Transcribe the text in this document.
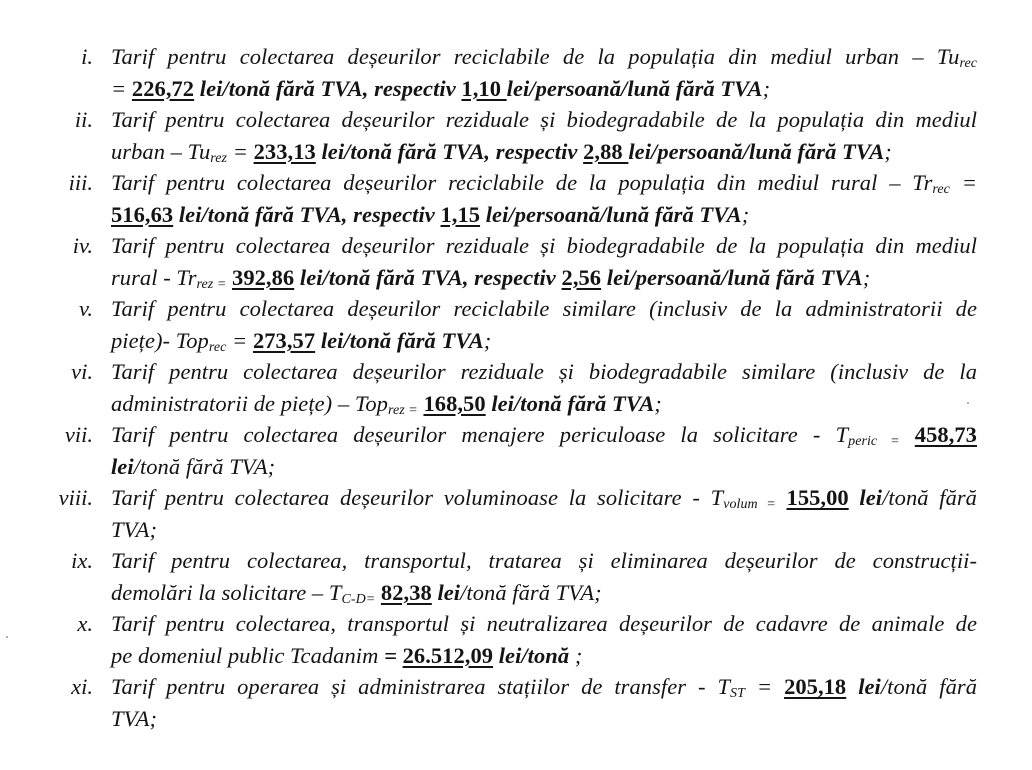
i. Tarif pentru colectarea deșeurilor reciclabile de la populația din mediul urban – $Tu_{rec}$
= 226,72 lei/tonă fără TVA, respectiv 1,10 lei/persoană/lună fără TVA;
ii. Tarif pentru colectarea deșeurilor reziduale și biodegradabile de la populația din mediul
urban – $Tu_{rez} = 233,13$ lei/tonă fără TVA, respectiv 2,88 lei/persoană/lună fără TVA;
iii. Tarif pentru colectarea deșeurilor reciclabile de la populația din mediul rural – $Tr_{rec}$ =
516,63 lei/tonă fără TVA, respectiv 1,15 lei/persoană/lună fără TVA;
iv. Tarif pentru colectarea deșeurilor reziduale și biodegradabile de la populația din mediul
rural - $Tr_{rez =}$ 392,86 lei/tonă fără TVA, respectiv 2,56 lei/persoană/lună fără TVA;
v. Tarif pentru colectarea deșeurilor reciclabile similare (inclusiv de la administratorii de
piețe)- Top$_{rec}$ = 273,57 lei/tonă fără TVA;
vi. Tarif pentru colectarea deșeurilor reziduale și biodegradabile similare (inclusiv de la
administratorii de piețe) – Top$_{rez =}$ 168,50 lei/tonă fără TVA;
vii. Tarif pentru colectarea deșeurilor menajere periculoase la solicitare - $T_{peric =}$ 458,73
lei/tonă fără TVA;
viii. Tarif pentru colectarea deșeurilor voluminoase la solicitare - $T_{volum =}$ 155,00 lei/tonă fără
TVA;
ix. Tarif pentru colectarea, transportul, tratarea și eliminarea deșeurilor de construcții-
demolări la solicitare – $T_{C-D=}$ 82,38 lei/tonă fără TVA;
x. Tarif pentru colectarea, transportul și neutralizarea deșeurilor de cadavre de animale de
pe domeniul public Tcadanim = 26.512,09 lei/tonă ;
xi. Tarif pentru operarea și administrarea stațiilor de transfer - $T_{ST} = 205,18$ lei/tonă fără
TVA;
